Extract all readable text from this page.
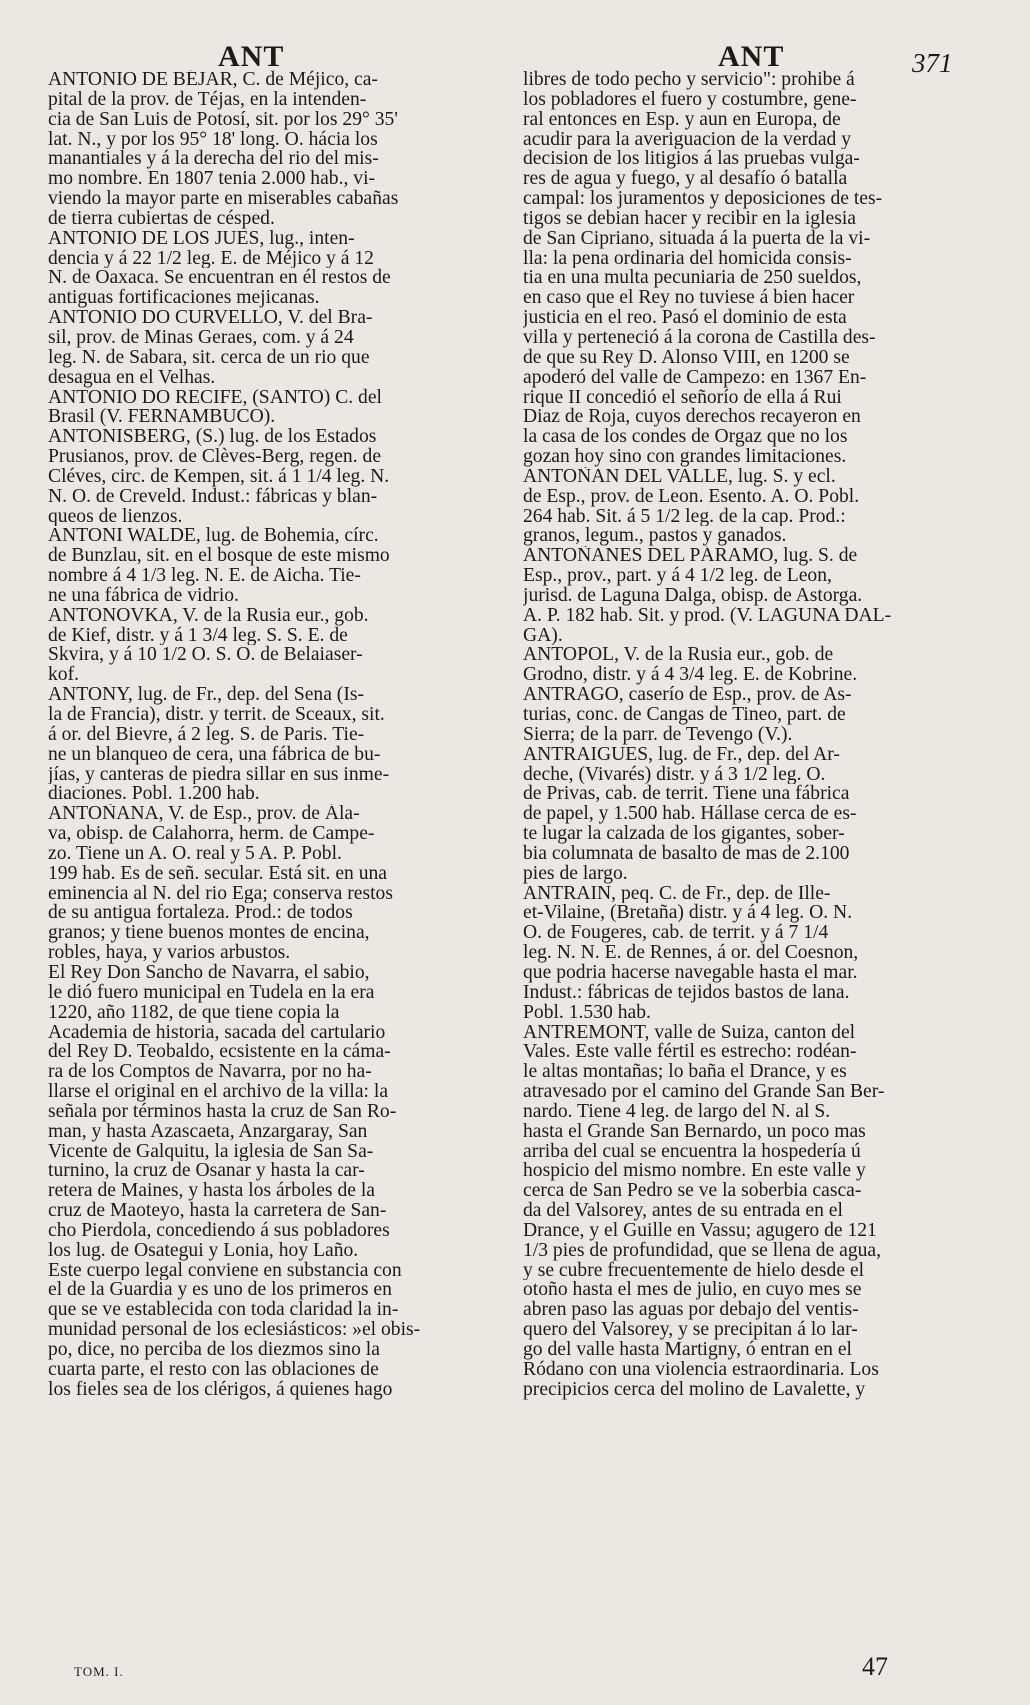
ANT	ANT	371
ANTONIO DE BÉJAR, C. de Méjico, ca-
pital de la prov. de Téjas, en la intenden-
cia de San Luis de Potosí, sit. por los 29° 35'
lat. N., y por los 95° 18' long. O. hácia los
manantiales y á la derecha del rio del mis-
mo nombre. En 1807 tenia 2.000 hab., vi-
viendo la mayor parte en miserables cabañas
de tierra cubiertas de césped.
ANTONIO DE LOS JUES, lug., inten-
dencia y á 22 1/2 leg. E. de Méjico y á 12
N. de Oaxaca. Se encuentran en él restos de
antiguas fortificaciones mejicanas.
ANTONIO DO CURVELLO, V. del Bra-
sil, prov. de Minas Geraes, com. y á 24
leg. N. de Sabara, sit. cerca de un rio que
desagua en el Velhas.
ANTONIO DO RECIFE, (SANTO) C. del
Brasil (V. FERNAMBUCO).
ANTONISBERG, (S.) lug. de los Estados
Prusianos, prov. de Clèves-Berg, regen. de
Cléves, circ. de Kempen, sit. á 1 1/4 leg. N.
N. O. de Creveld. Indust.: fábricas y blan-
queos de lienzos.
ANTONI WALDE, lug. de Bohemia, círc.
de Bunzlau, sit. en el bosque de este mismo
nombre á 4 1/3 leg. N. E. de Aicha. Tie-
ne una fábrica de vidrio.
ANTONOVKA, V. de la Rusia eur., gob.
de Kief, distr. y á 1 3/4 leg. S. S. E. de
Skvira, y á 10 1/2 O. S. O. de Belaiaser-
kof.
ANTONY, lug. de Fr., dep. del Sena (Is-
la de Francia), distr. y territ. de Sceaux, sit.
á or. del Bievre, á 2 leg. S. de Paris. Tie-
ne un blanqueo de cera, una fábrica de bu-
jías, y canteras de piedra sillar en sus inme-
diaciones. Pobl. 1.200 hab.
ANTOÑANA, V. de Esp., prov. de Ála-
va, obisp. de Calahorra, herm. de Campe-
zo. Tiene un A. O. real y 5 A. P. Pobl.
199 hab. Es de señ. secular. Está sit. en una
eminencia al N. del rio Ega; conserva restos
de su antigua fortaleza. Prod.: de todos
granos; y tiene buenos montes de encina,
robles, haya, y varios arbustos.
El Rey Don Sancho de Navarra, el sabio,
le dió fuero municipal en Tudela en la era
1220, año 1182, de que tiene copia la
Academia de historia, sacada del cartulario
del Rey D. Teobaldo, ecsistente en la cáma-
ra de los Comptos de Navarra, por no ha-
llarse el original en el archivo de la villa: la
señala por términos hasta la cruz de San Ro-
man, y hasta Azascaeta, Anzargaray, San
Vicente de Galquitu, la iglesia de San Sa-
turnino, la cruz de Osanar y hasta la car-
retera de Maines, y hasta los árboles de la
cruz de Maoteyo, hasta la carretera de San-
cho Pierdola, concediendo á sus pobladores
los lug. de Osategui y Lonia, hoy Laño.
Este cuerpo legal conviene en substancia con
el de la Guardia y es uno de los primeros en
que se ve establecida con toda claridad la in-
munidad personal de los eclesiásticos: »el obis-
po, dice, no perciba de los diezmos sino la
cuarta parte, el resto con las oblaciones de
los fieles sea de los clérigos, á quienes hago
libres de todo pecho y servicio": prohibe á
los pobladores el fuero y costumbre, gene-
ral entonces en Esp. y aun en Europa, de
acudir para la averiguacion de la verdad y
decision de los litigios á las pruebas vulga-
res de agua y fuego, y al desafío ó batalla
campal: los juramentos y deposiciones de tes-
tigos se debian hacer y recibir en la iglesia
de San Cipriano, situada á la puerta de la vi-
lla: la pena ordinaria del homicida consis-
tia en una multa pecuniaria de 250 sueldos,
en caso que el Rey no tuviese á bien hacer
justicia en el reo. Pasó el dominio de esta
villa y perteneció á la corona de Castilla des-
de que su Rey D. Alonso VIII, en 1200 se
apoderó del valle de Campezo: en 1367 En-
rique II concedió el señorío de ella á Rui
Diaz de Roja, cuyos derechos recayeron en
la casa de los condes de Orgaz que no los
gozan hoy sino con grandes limitaciones.
ANTOÑAN DEL VALLE, lug. S. y ecl.
de Esp., prov. de Leon. Esento. A. O. Pobl.
264 hab. Sit. á 5 1/2 leg. de la cap. Prod.:
granos, legum., pastos y ganados.
ANTOÑANES DEL PÁRAMO, lug. S. de
Esp., prov., part. y á 4 1/2 leg. de Leon,
jurisd. de Laguna Dalga, obisp. de Astorga.
A. P. 182 hab. Sit. y prod. (V. LAGUNA DAL-
GA).
ANTOPOL, V. de la Rusia eur., gob. de
Grodno, distr. y á 4 3/4 leg. E. de Kobrine.
ANTRAGO, caserío de Esp., prov. de As-
turias, conc. de Cangas de Tineo, part. de
Sierra; de la parr. de Tevengo (V.).
ANTRAIGUES, lug. de Fr., dep. del Ar-
deche, (Vivarés) distr. y á 3 1/2 leg. O.
de Privas, cab. de territ. Tiene una fábrica
de papel, y 1.500 hab. Hállase cerca de es-
te lugar la calzada de los gigantes, sober-
bia columnata de basalto de mas de 2.100
pies de largo.
ANTRAIN, peq. C. de Fr., dep. de Ille-
et-Vilaine, (Bretaña) distr. y á 4 leg. O. N.
O. de Fougeres, cab. de territ. y á 7 1/4
leg. N. N. E. de Rennes, á or. del Coesnon,
que podria hacerse navegable hasta el mar.
Indust.: fábricas de tejidos bastos de lana.
Pobl. 1.530 hab.
ANTREMONT, valle de Suiza, canton del
Vales. Este valle fértil es estrecho: rodéan-
le altas montañas; lo baña el Drance, y es
atravesado por el camino del Grande San Ber-
nardo. Tiene 4 leg. de largo del N. al S.
hasta el Grande San Bernardo, un poco mas
arriba del cual se encuentra la hospedería ú
hospicio del mismo nombre. En este valle y
cerca de San Pedro se ve la soberbia casca-
da del Valsorey, antes de su entrada en el
Drance, y el Guille en Vassu; agugero de 121
1/3 pies de profundidad, que se llena de agua,
y se cubre frecuentemente de hielo desde el
otoño hasta el mes de julio, en cuyo mes se
abren paso las aguas por debajo del ventis-
quero del Valsorey, y se precipitan á lo lar-
go del valle hasta Martigny, ó entran en el
Ródano con una violencia estraordinaria. Los
precipicios cerca del molino de Lavalette, y
TOM. I.	47
